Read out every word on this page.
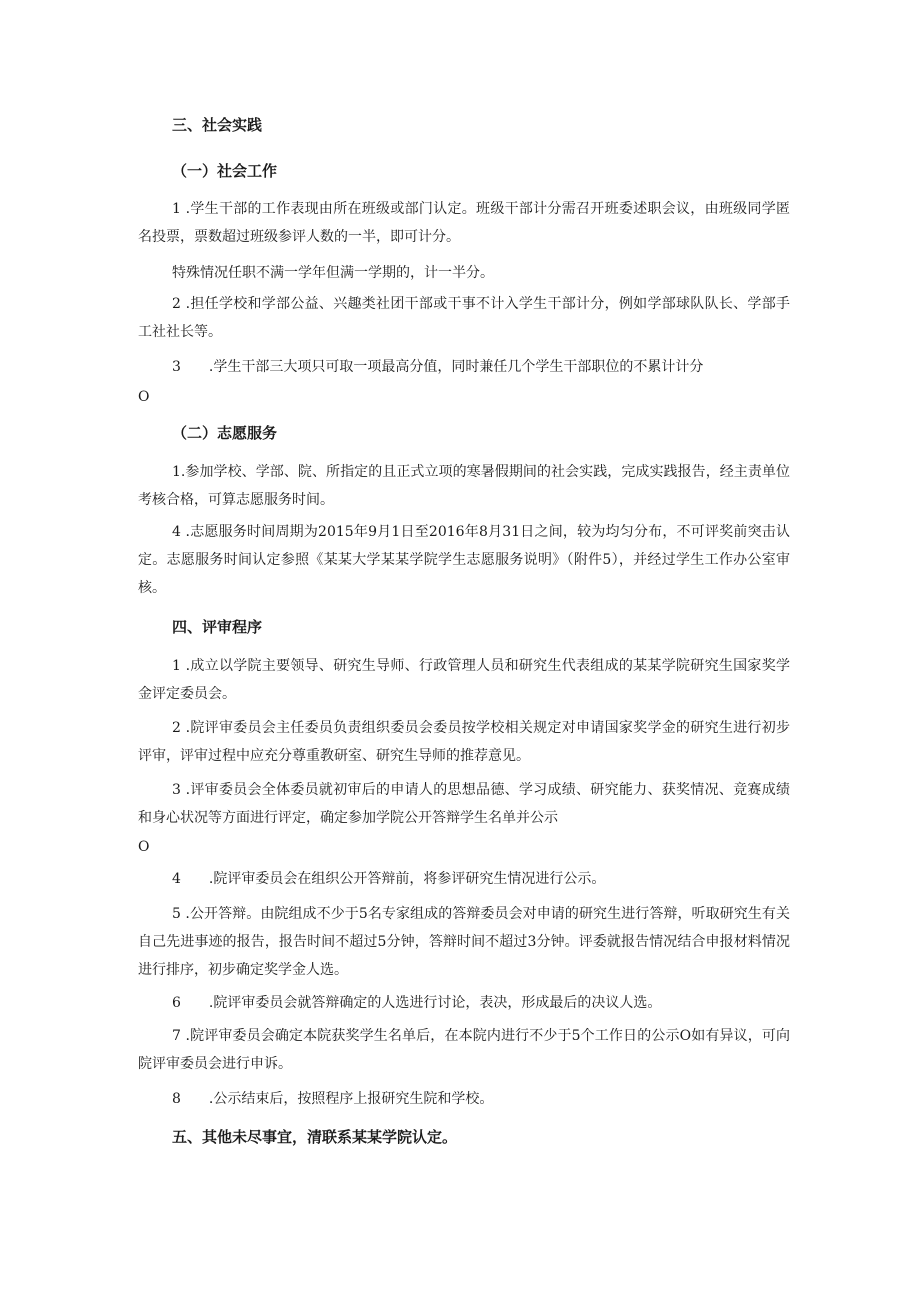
三、社会实践

（一）社会工作

1 .学生干部的工作表现由所在班级或部门认定。班级干部计分需召开班委述职会议，由班级同学匿名投票，票数超过班级参评人数的一半，即可计分。

特殊情况任职不满一学年但满一学期的，计一半分。

2 .担任学校和学部公益、兴趣类社团干部或干事不计入学生干部计分，例如学部球队队长、学部手工社社长等。

3 .学生干部三大项只可取一项最高分值，同时兼任几个学生干部职位的不累计计分

O

（二）志愿服务

1.参加学校、学部、院、所指定的且正式立项的寒暑假期间的社会实践，完成实践报告，经主责单位考核合格，可算志愿服务时间。

4 .志愿服务时间周期为2015年9月1日至2016年8月31日之间，较为均匀分布，不可评奖前突击认定。志愿服务时间认定参照《某某大学某某学院学生志愿服务说明》（附件5），并经过学生工作办公室审核。

四、评审程序

1 .成立以学院主要领导、研究生导师、行政管理人员和研究生代表组成的某某学院研究生国家奖学金评定委员会。

2 .院评审委员会主任委员负责组织委员会委员按学校相关规定对申请国家奖学金的研究生进行初步评审，评审过程中应充分尊重教研室、研究生导师的推荐意见。

3 .评审委员会全体委员就初审后的申请人的思想品德、学习成绩、研究能力、获奖情况、竞赛成绩和身心状况等方面进行评定，确定参加学院公开答辩学生名单并公示

O

4 .院评审委员会在组织公开答辩前，将参评研究生情况进行公示。

5 .公开答辩。由院组成不少于5名专家组成的答辩委员会对申请的研究生进行答辩，听取研究生有关自己先进事迹的报告，报告时间不超过5分钟，答辩时间不超过3分钟。评委就报告情况结合申报材料情况进行排序，初步确定奖学金人选。

6 .院评审委员会就答辩确定的人选进行讨论，表决，形成最后的决议人选。

7 .院评审委员会确定本院获奖学生名单后，在本院内进行不少于5个工作日的公示O如有异议，可向院评审委员会进行申诉。

8 .公示结束后，按照程序上报研究生院和学校。

五、其他未尽事宜，清联系某某学院认定。
